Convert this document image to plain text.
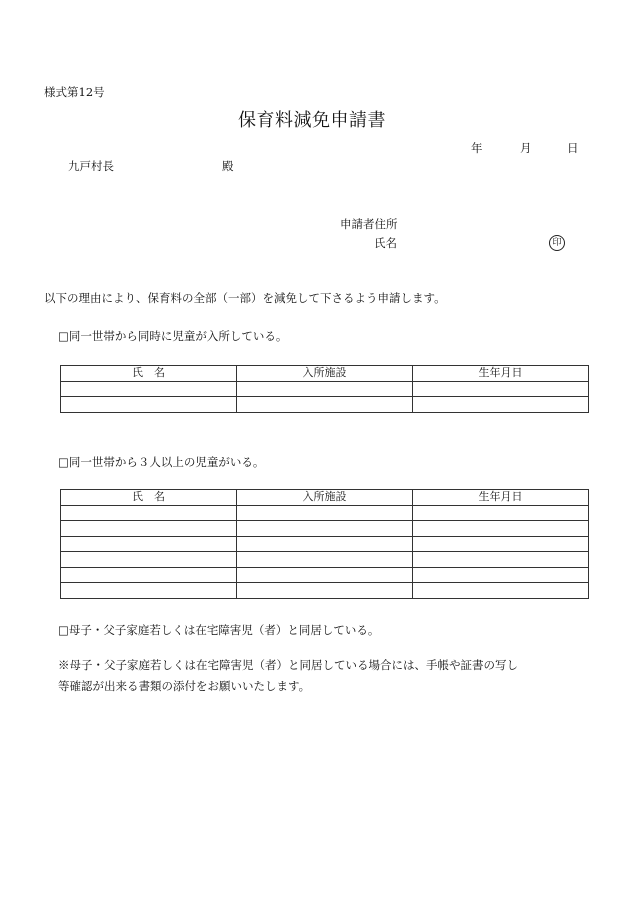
様式第12号
保育料減免申請書
年	月	日
九戸村長	殿
申請者住所
氏名	印
以下の理由により、保育料の全部（一部）を減免して下さるよう申請します。
□同一世帯から同時に児童が入所している。
氏　名	入所施設	生年月日

□同一世帯から３人以上の児童がいる。
氏　名	入所施設	生年月日

□母子・父子家庭若しくは在宅障害児（者）と同居している。
※母子・父子家庭若しくは在宅障害児（者）と同居している場合には、手帳や証書の写し
等確認が出来る書類の添付をお願いいたします。
